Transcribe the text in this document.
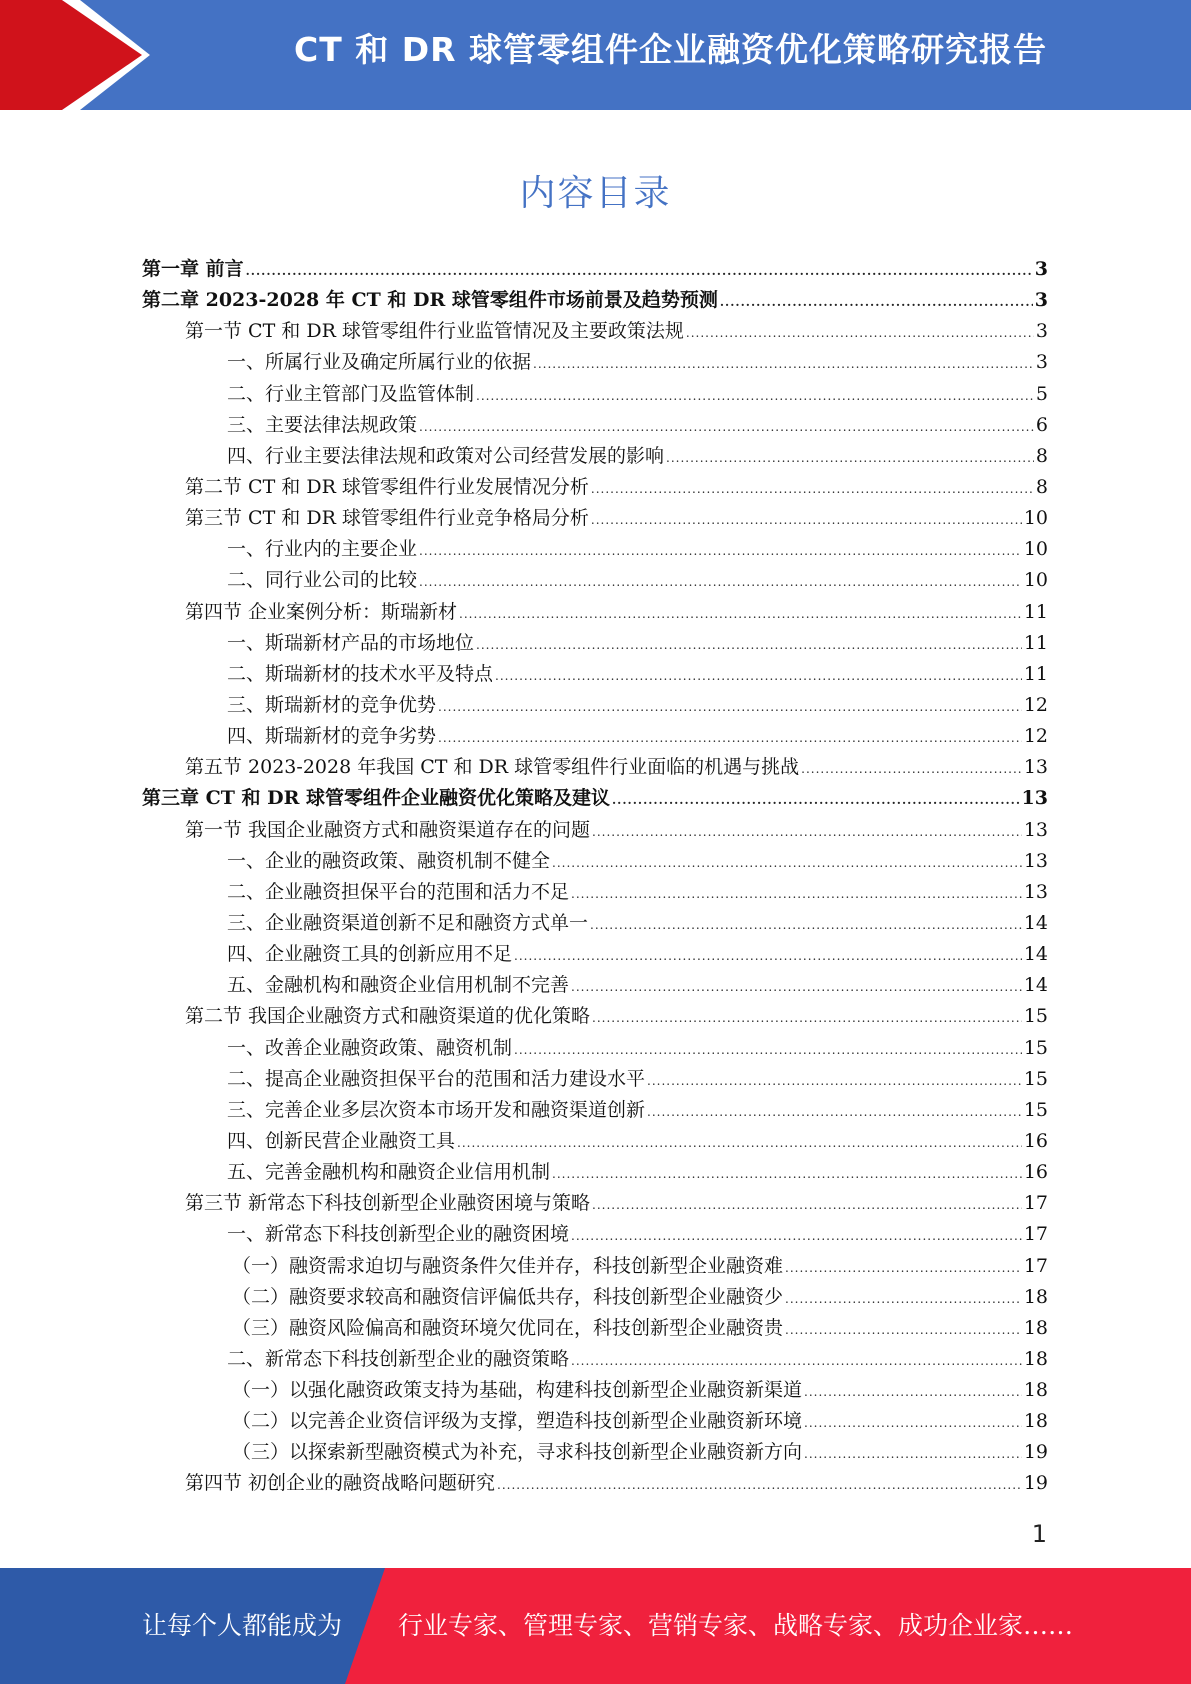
CT 和 DR 球管零组件企业融资优化策略研究报告
内容目录
第一章 前言 .....	3
第二章 2023-2028 年 CT 和 DR 球管零组件市场前景及趋势预测 .....	3
第一节 CT 和 DR 球管零组件行业监管情况及主要政策法规 .....	3
一、所属行业及确定所属行业的依据 .....	3
二、行业主管部门及监管体制 .....	5
三、主要法律法规政策 .....	6
四、行业主要法律法规和政策对公司经营发展的影响 .....	8
第二节 CT 和 DR 球管零组件行业发展情况分析 .....	8
第三节 CT 和 DR 球管零组件行业竞争格局分析 .....	10
一、行业内的主要企业 .....	10
二、同行业公司的比较 .....	10
第四节 企业案例分析：斯瑞新材 .....	11
一、斯瑞新材产品的市场地位 .....	11
二、斯瑞新材的技术水平及特点 .....	11
三、斯瑞新材的竞争优势 .....	12
四、斯瑞新材的竞争劣势 .....	12
第五节 2023-2028 年我国 CT 和 DR 球管零组件行业面临的机遇与挑战 .....	13
第三章 CT 和 DR 球管零组件企业融资优化策略及建议 .....	13
第一节 我国企业融资方式和融资渠道存在的问题 .....	13
一、企业的融资政策、融资机制不健全 .....	13
二、企业融资担保平台的范围和活力不足 .....	13
三、企业融资渠道创新不足和融资方式单一 .....	14
四、企业融资工具的创新应用不足 .....	14
五、金融机构和融资企业信用机制不完善 .....	14
第二节 我国企业融资方式和融资渠道的优化策略 .....	15
一、改善企业融资政策、融资机制 .....	15
二、提高企业融资担保平台的范围和活力建设水平 .....	15
三、完善企业多层次资本市场开发和融资渠道创新 .....	15
四、创新民营企业融资工具 .....	16
五、完善金融机构和融资企业信用机制 .....	16
第三节 新常态下科技创新型企业融资困境与策略 .....	17
一、新常态下科技创新型企业的融资困境 .....	17
（一）融资需求迫切与融资条件欠佳并存，科技创新型企业融资难 .....	17
（二）融资要求较高和融资信评偏低共存，科技创新型企业融资少 .....	18
（三）融资风险偏高和融资环境欠优同在，科技创新型企业融资贵 .....	18
二、新常态下科技创新型企业的融资策略 .....	18
（一）以强化融资政策支持为基础，构建科技创新型企业融资新渠道 .....	18
（二）以完善企业资信评级为支撑，塑造科技创新型企业融资新环境 .....	18
（三）以探索新型融资模式为补充，寻求科技创新型企业融资新方向 .....	19
第四节 初创企业的融资战略问题研究 .....	19
1
让每个人都能成为 行业专家、管理专家、营销专家、战略专家、成功企业家……
